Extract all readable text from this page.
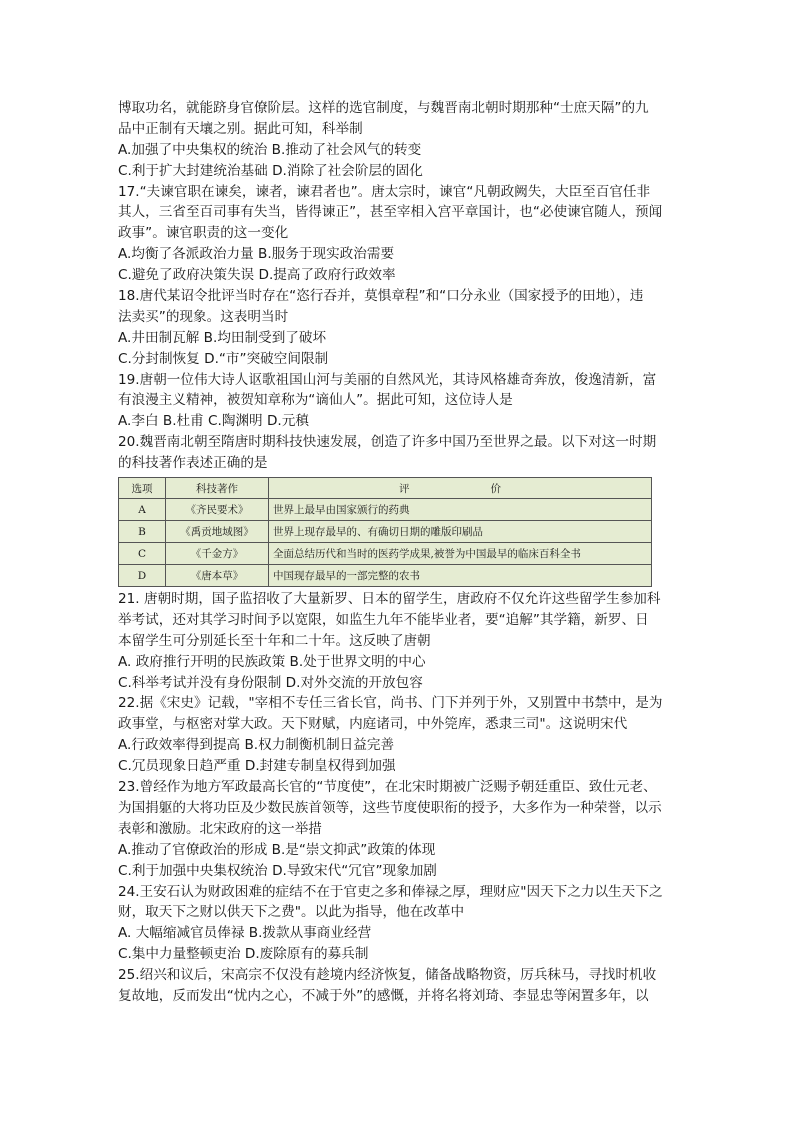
博取功名，就能跻身官僚阶层。这样的选官制度，与魏晋南北朝时期那种“士庶天隔”的九
品中正制有天壤之别。据此可知，科举制
A.加强了中央集权的统治 B.推动了社会风气的转变
C.利于扩大封建统治基础 D.消除了社会阶层的固化
17.“夫谏官职在谏矣，谏者，谏君者也”。唐太宗时，谏官“凡朝政阙失，大臣至百官任非
其人，三省至百司事有失当，皆得谏正”，甚至宰相入宫平章国计，也“必使谏官随人，预闻
政事”。谏官职责的这一变化
A.均衡了各派政治力量 B.服务于现实政治需要
C.避免了政府决策失误 D.提高了政府行政效率
18.唐代某诏令批评当时存在“恣行吞并，莫惧章程”和“口分永业（国家授予的田地），违
法卖买”的现象。这表明当时
A.井田制瓦解 B.均田制受到了破坏
C.分封制恢复 D.“市”突破空间限制
19.唐朝一位伟大诗人讴歌祖国山河与美丽的自然风光，其诗风格雄奇奔放，俊逸清新，富
有浪漫主义精神，被贺知章称为“谪仙人”。据此可知，这位诗人是
A.李白 B.杜甫 C.陶渊明 D.元稹
20.魏晋南北朝至隋唐时期科技快速发展，创造了许多中国乃至世界之最。以下对这一时期
的科技著作表述正确的是
选项	科技著作	评　　价
A	《齐民要术》	世界上最早由国家颁行的药典
B	《禹贡地域图》	世界上现存最早的、有确切日期的雕版印刷品
C	《千金方》	全面总结历代和当时的医药学成果,被誉为中国最早的临床百科全书
D	《唐本草》	中国现存最早的一部完整的农书
21. 唐朝时期，国子监招收了大量新罗、日本的留学生，唐政府不仅允许这些留学生参加科
举考试，还对其学习时间予以宽限，如监生九年不能毕业者，要“追解”其学籍，新罗、日
本留学生可分别延长至十年和二十年。这反映了唐朝
A. 政府推行开明的民族政策 B.处于世界文明的中心
C.科举考试并没有身份限制 D.对外交流的开放包容
22.据《宋史》记载，"宰相不专任三省长官，尚书、门下并列于外，又别置中书禁中，是为
政事堂，与枢密对掌大政。天下财赋，内庭诸司，中外筦库，悉隶三司"。这说明宋代
A.行政效率得到提高 B.权力制衡机制日益完善
C.冗员现象日趋严重 D.封建专制皇权得到加强
23.曾经作为地方军政最高长官的“节度使”，在北宋时期被广泛赐予朝廷重臣、致仕元老、
为国捐躯的大将功臣及少数民族首领等，这些节度使职衔的授予，大多作为一种荣誉，以示
表彰和激励。北宋政府的这一举措
A.推动了官僚政治的形成 B.是“崇文抑武”政策的体现
C.利于加强中央集权统治 D.导致宋代“冗官”现象加剧
24.王安石认为财政困难的症结不在于官吏之多和俸禄之厚，理财应"因天下之力以生天下之
财，取天下之财以供天下之费"。以此为指导，他在改革中
A. 大幅缩减官员俸禄 B.拨款从事商业经营
C.集中力量整顿吏治 D.废除原有的募兵制
25.绍兴和议后，宋高宗不仅没有趁境内经济恢复，储备战略物资，厉兵秣马，寻找时机收
复故地，反而发出“忧内之心，不减于外”的感慨，并将名将刘琦、李显忠等闲置多年，以
